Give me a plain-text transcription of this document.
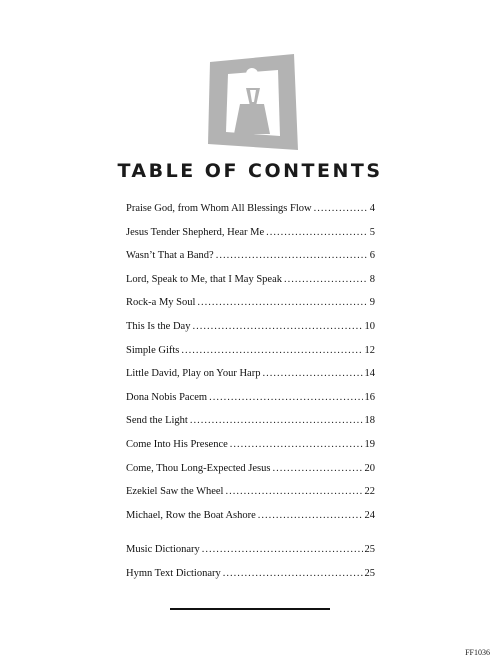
TABLE OF CONTENTS
Praise God, from Whom All Blessings Flow .....	4
Jesus Tender Shepherd, Hear Me .....	5
Wasn’t That a Band? .....	6
Lord, Speak to Me, that I May Speak .....	8
Rock-a My Soul .....	9
This Is the Day .....	10
Simple Gifts .....	12
Little David, Play on Your Harp .....	14
Dona Nobis Pacem .....	16
Send the Light .....	18
Come Into His Presence .....	19
Come, Thou Long-Expected Jesus .....	20
Ezekiel Saw the Wheel .....	22
Michael, Row the Boat Ashore .....	24
Music Dictionary .....	25
Hymn Text Dictionary .....	25
FF1036
